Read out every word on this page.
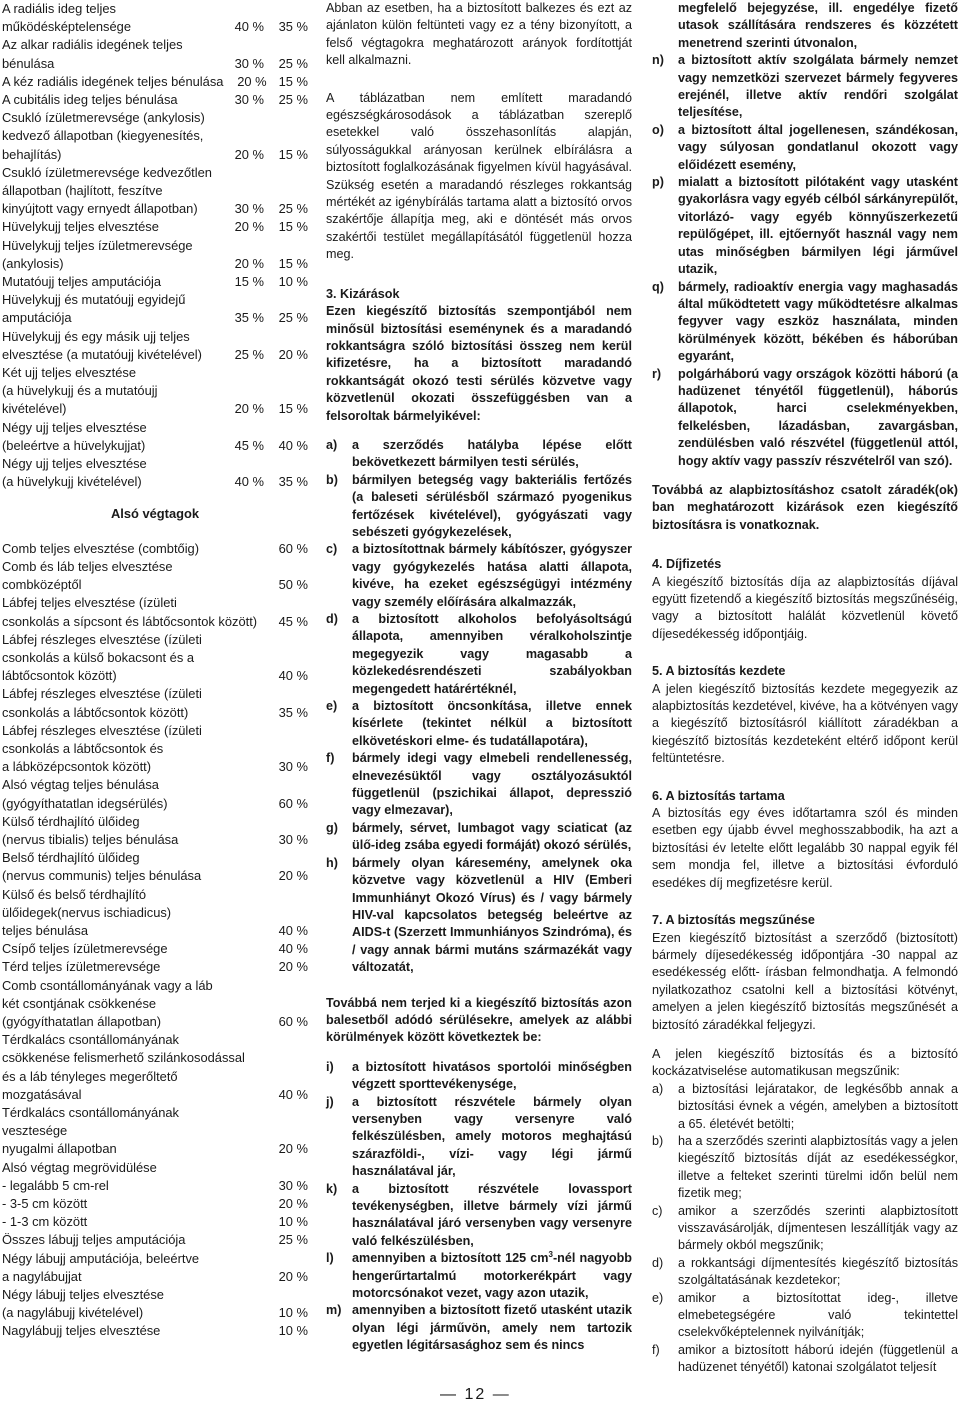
A radiális ideg teljes
működésképtelensége	40 %	35 %
Az alkar radiális idegének teljes
bénulása	30 %	25 %
A kéz radiális idegének teljes bénulása	20 % 15 %
A cubitális ideg teljes bénulása	30 %	25 %
Csukló ízületmerevsége (ankylosis)
kedvező állapotban (kiegyenesítés,
behajlítás)	20 %	15 %
Csukló ízületmerevsége kedvezőtlen
állapotban (hajlított, feszítve
kinyújtott vagy ernyedt állapotban)	30 %	25 %
Hüvelykujj teljes elvesztése	20 %	15 %
Hüvelykujj teljes ízületmerevsége
(ankylosis)	20 %	15 %
Mutatóujj teljes amputációja	15 %	10 %
Hüvelykujj és mutatóujj egyidejű
amputációja	35 %	25 %
Hüvelykujj és egy másik ujj teljes
elvesztése (a mutatóujj kivételével)	25 %	20 %
Két ujj teljes elvesztése
(a hüvelykujj és a mutatóujj
kivételével)	20 %	15 %
Négy ujj teljes elvesztése
(beleértve a hüvelykujjat)	45 %	40 %
Négy ujj teljes elvesztése
(a hüvelykujj kivételével)	40 %	35 %
Alsó végtagok
Comb teljes elvesztése (combtőig)	60 %
Comb és láb teljes elvesztése
combközéptől	50 %
Lábfej teljes elvesztése (ízületi
csonkolás a sípcsont és lábtőcsontok között)	45 %
Lábfej részleges elvesztése (ízületi
csonkolás a külső bokacsont és a
lábtőcsontok között)	40 %
Lábfej részleges elvesztése (ízületi
csonkolás a lábtőcsontok között)	35 %
Lábfej részleges elvesztése (ízületi
csonkolás a lábtőcsontok és
a lábközépcsontok között)	30 %
Alsó végtag teljes bénulása
(gyógyíthatatlan idegsérülés)	60 %
Külső térdhajlító ülőideg
(nervus tibialis) teljes bénulása	30 %
Belső térdhajlító ülőideg
(nervus communis) teljes bénulása	20 %
Külső és belső térdhajlító
ülőidegek(nervus ischiadicus)
teljes bénulása	40 %
Csípő teljes ízületmerevsége	40 %
Térd teljes ízületmerevsége	20 %
Comb csontállományának vagy a láb
két csontjának csökkenése
(gyógyíthatatlan állapotban)	60 %
Térdkalács csontállományának
csökkenése felismerhető szilánkosodással
és a láb tényleges megerőltető
mozgatásával	40 %
Térdkalács csontállományának
vesztesége
nyugalmi állapotban	20 %
Alsó végtag megrövidülése
- legalább 5 cm-rel	30 %
- 3-5 cm között	20 %
- 1-3 cm között	10 %
Összes lábujj teljes amputációja	25 %
Négy lábujj amputációja, beleértve
a nagylábujjat	20 %
Négy lábujj teljes elvesztése
(a nagylábujj kivételével)	10 %
Nagylábujj teljes elvesztése	10 %

Abban az esetben, ha a biztosított balkezes és ezt az ajánlaton külön feltünteti vagy ez a tény bizonyított, a felső végtagokra meghatározott arányok fordítottját kell alkalmazni.

A táblázatban nem említett maradandó egészségkárosodások a táblázatban szereplő esetekkel való összehasonlítás alapján, súlyosságukkal arányosan kerülnek elbírálásra a biztosított foglalkozásának figyelmen kívül hagyásával. Szükség esetén a maradandó részleges rokkantság mértékét az igénybírálás tartama alatt a biztosító orvos szakértője állapítja meg, aki e döntését más orvos szakértői testület megállapításától függetlenül hozza meg.

3. Kizárások

Ezen kiegészítő biztosítás szempontjából nem minősül biztosítási eseménynek és a maradandó rokkantságra szóló biztosítási összeg nem kerül kifizetésre, ha a biztosított maradandó rokkantságát okozó testi sérülés közvetve vagy közvetlenül okozati összefüggésben van a felsoroltak bármelyikével:

a)	a szerződés hatályba lépése előtt bekövetkezett bármilyen testi sérülés,
b)	bármilyen betegség vagy bakteriális fertőzés (a baleseti sérülésből származó pyogenikus fertőzések kivételével), gyógyászati vagy sebészeti gyógykezelések,
c)	a biztosítottnak bármely kábítószer, gyógyszer vagy gyógykezelés hatása alatti állapota, kivéve, ha ezeket egészségügyi intézmény vagy személy előírására alkalmazzák,
d)	a biztosított alkoholos befolyásoltságú állapota, amennyiben véralkoholszintje megegyezik vagy magasabb a közlekedésrendészeti szabályokban megengedett határértéknél,
e)	a biztosított öncsonkítása, illetve ennek kísérlete (tekintet nélkül a biztosított elkövetéskori elme- és tudatállapotára),
f)	bármely idegi vagy elmebeli rendellenesség, elnevezésüktől vagy osztályozásuktól függetlenül (pszichikai állapot, depresszió vagy elmezavar),
g)	bármely, sérvet, lumbagot vagy sciaticat (az ülő-ideg zsába egyedi formáját) okozó sérülés,
h)	bármely olyan káresemény, amelynek oka közvetve vagy közvetlenül a HIV (Emberi Immunhiányt Okozó Vírus) és / vagy bármely HIV-val kapcsolatos betegség beleértve az AIDS-t (Szerzett Immunhiányos Szindróma), és / vagy annak bármi mutáns származékát vagy változatát,

Továbbá nem terjed ki a kiegészítő biztosítás azon balesetből adódó sérülésekre, amelyek az alábbi körülmények között következtek be:

i)	a biztosított hivatásos sportolói minőségben végzett sporttevékenysége,
j)	a biztosított részvétele bármely olyan versenyben vagy versenyre való felkészülésben, amely motoros meghajtású szárazföldi-, vízi- vagy légi jármű használatával jár,
k)	a biztosított részvétele lovassport tevékenységben, illetve bármely vízi jármű használatával járó versenyben vagy versenyre való felkészülésben,
l)	amennyiben a biztosított 125 $cm^3$-nél nagyobb hengerűrtartalmú motorkerékpárt vagy motorcsónakot vezet, vagy azon utazik,
m) amennyiben a biztosított fizető utasként utazik olyan légi járművön, amely nem tartozik egyetlen légitársasághoz sem és nincs
megfelelő bejegyzése, ill. engedélye fizető utasok szállítására rendszeres és közzétett menetrend szerinti útvonalon,
n)	a biztosított aktív szolgálata bármely nemzet vagy nemzetközi szervezet bármely fegyveres erejénél, illetve aktív rendőri szolgálat teljesítése,
o)	a biztosított által jogellenesen, szándékosan, vagy súlyosan gondatlanul okozott vagy előidézett esemény,
p)	mialatt a biztosított pilótaként vagy utasként gyakorlásra vagy egyéb célból sárkányrepülőt, vitorlázó- vagy egyéb könnyűszerkezetű repülőgépet, ill. ejtőernyőt használ vagy nem utas minőségben bármilyen légi járművel utazik,
q)	bármely, radioaktív energia vagy maghasadás által működtetett vagy működtetésre alkalmas fegyver vagy eszköz használata, minden körülmények között, békében és háborúban egyaránt,
r)	polgárháború vagy országok közötti háború (a hadüzenet tényétől függetlenül), háborús állapotok, harci cselekményekben, felkelésben, lázadásban, zavargásban, zendülésben való részvétel (függetlenül attól, hogy aktív vagy passzív részvételről van szó).

Továbbá az alapbiztosításhoz csatolt záradék(ok) ban meghatározott kizárások ezen kiegészítő biztosításra is vonatkoznak.

4. Díjfizetés

A kiegészítő biztosítás díja az alapbiztosítás díjával együtt fizetendő a kiegészítő biztosítás megszűnéséig, vagy a biztosított halálát közvetlenül követő díjesedékesség időpontjáig.

5. A biztosítás kezdete

A jelen kiegészítő biztosítás kezdete megegyezik az alapbiztosítás kezdetével, kivéve, ha a kötvényen vagy a kiegészítő biztosításról kiállított záradékban a kiegészítő biztosítás kezdeteként eltérő időpont kerül feltüntetésre.

6. A biztosítás tartama

A biztosítás egy éves időtartamra szól és minden esetben egy újabb évvel meghosszabbodik, ha azt a biztosítási év letelte előtt legalább 30 nappal egyik fél sem mondja fel, illetve a biztosítási évforduló esedékes díj megfizetésre kerül.

7. A biztosítás megszűnése

Ezen kiegészítő biztosítást a szerződő (biztosított) bármely díjesedékesség időpontjára -30 nappal az esedékesség előtt- írásban felmondhatja. A felmondó nyilatkozathoz csatolni kell a biztosítási kötvényt, amelyen a jelen kiegészítő biztosítás megszűnését a biztosító záradékkal feljegyzi.

A jelen kiegészítő biztosítás és a biztosító kockázatviselése automatikusan megszűnik:

a)	a biztosítási lejáratakor, de legkésőbb annak a biztosítási évnek a végén, amelyben a biztosított a 65. életévét betölti;
b)	ha a szerződés szerinti alapbiztosítás vagy a jelen kiegészítő biztosítás díját az esedékességkor, illetve a felteket szerinti türelmi időn belül nem fizetik meg;
c)	amikor a szerződés szerinti alapbiztosított visszavásárolják, díjmentesen leszállítják vagy az bármely okból megszűnik;
d)	a rokkantsági díjmentesítés kiegészítő biztosítás szolgáltatásának kezdetekor;
e)	amikor a biztosítottat ideg-, illetve elmebetegségére való tekintettel cselekvőképtelennek nyilvánítják;
f)	amikor a biztosított háború idején (függetlenül a hadüzenet tényétől) katonai szolgálatot teljesít
— 12 —
